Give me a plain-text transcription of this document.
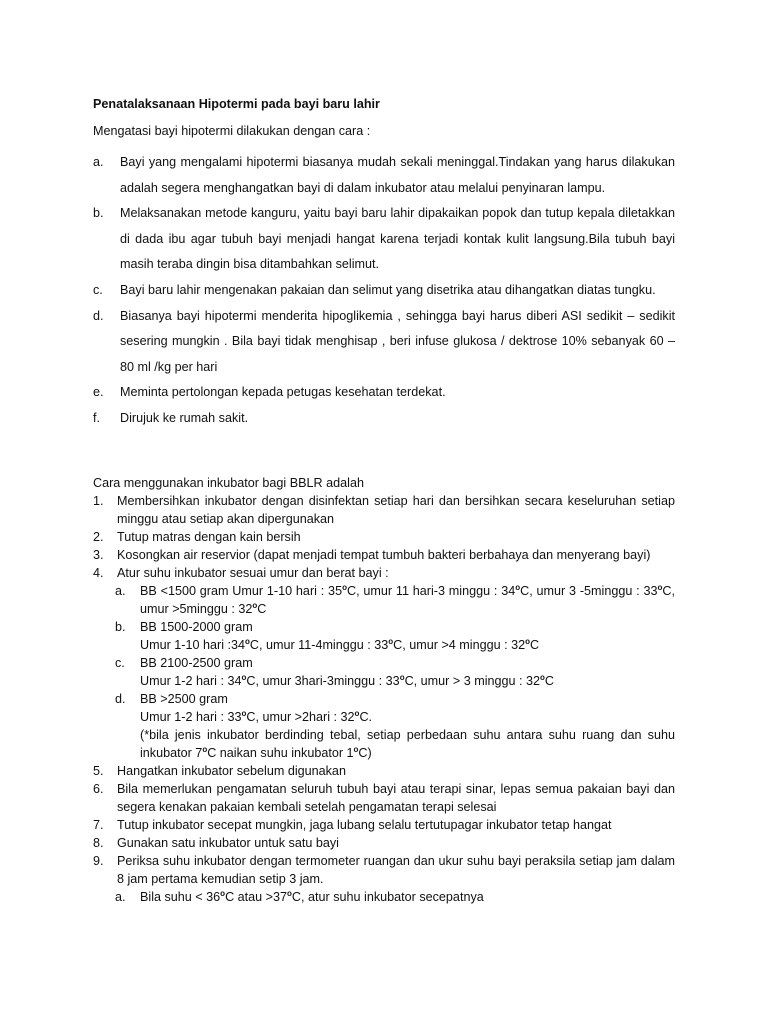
Penatalaksanaan Hipotermi pada bayi baru lahir
Mengatasi bayi hipotermi dilakukan dengan cara :
a. Bayi yang mengalami hipotermi biasanya mudah sekali meninggal.Tindakan yang harus dilakukan adalah segera menghangatkan bayi di dalam inkubator atau melalui penyinaran lampu.
b. Melaksanakan metode kanguru, yaitu bayi baru lahir dipakaikan popok dan tutup kepala diletakkan di dada ibu agar tubuh bayi menjadi hangat karena terjadi kontak kulit langsung.Bila tubuh bayi masih teraba dingin bisa ditambahkan selimut.
c. Bayi baru lahir mengenakan pakaian dan selimut yang disetrika atau dihangatkan diatas tungku.
d. Biasanya bayi hipotermi menderita hipoglikemia , sehingga bayi harus diberi ASI sedikit – sedikit sesering mungkin . Bila bayi tidak menghisap , beri infuse glukosa / dektrose 10% sebanyak 60 – 80 ml /kg per hari
e. Meminta pertolongan kepada petugas kesehatan terdekat.
f. Dirujuk ke rumah sakit.
Cara menggunakan inkubator bagi BBLR adalah
1. Membersihkan inkubator dengan disinfektan setiap hari dan bersihkan secara keseluruhan setiap minggu atau setiap akan dipergunakan
2. Tutup matras dengan kain bersih
3. Kosongkan air reservior (dapat menjadi tempat tumbuh bakteri berbahaya dan menyerang bayi)
4. Atur suhu inkubator sesuai umur dan berat bayi :
a. BB <1500 gram Umur 1-10 hari : 35$^o$C, umur 11 hari-3 minggu : 34$^o$C, umur 3 -5minggu : 33$^o$C, umur >5minggu : 32$^o$C
b. BB 1500-2000 gram
Umur 1-10 hari :34$^o$C, umur 11-4minggu : 33$^o$C, umur >4 minggu : 32$^o$C
c. BB 2100-2500 gram
Umur 1-2 hari : 34$^o$C, umur 3hari-3minggu : 33$^o$C, umur > 3 minggu : 32$^o$C
d. BB >2500 gram
Umur 1-2 hari : 33$^o$C, umur >2hari : 32$^o$C.
(*bila jenis inkubator berdinding tebal, setiap perbedaan suhu antara suhu ruang dan suhu inkubator 7$^o$C naikan suhu inkubator 1$^o$C)
5. Hangatkan inkubator sebelum digunakan
6. Bila memerlukan pengamatan seluruh tubuh bayi atau terapi sinar, lepas semua pakaian bayi dan segera kenakan pakaian kembali setelah pengamatan terapi selesai
7. Tutup inkubator secepat mungkin, jaga lubang selalu tertutupagar inkubator tetap hangat
8. Gunakan satu inkubator untuk satu bayi
9. Periksa suhu inkubator dengan termometer ruangan dan ukur suhu bayi peraksila setiap jam dalam 8 jam pertama kemudian setip 3 jam.
a. Bila suhu < $36^oC$ atau $>37^oC$, atur suhu inkubator secepatnya
